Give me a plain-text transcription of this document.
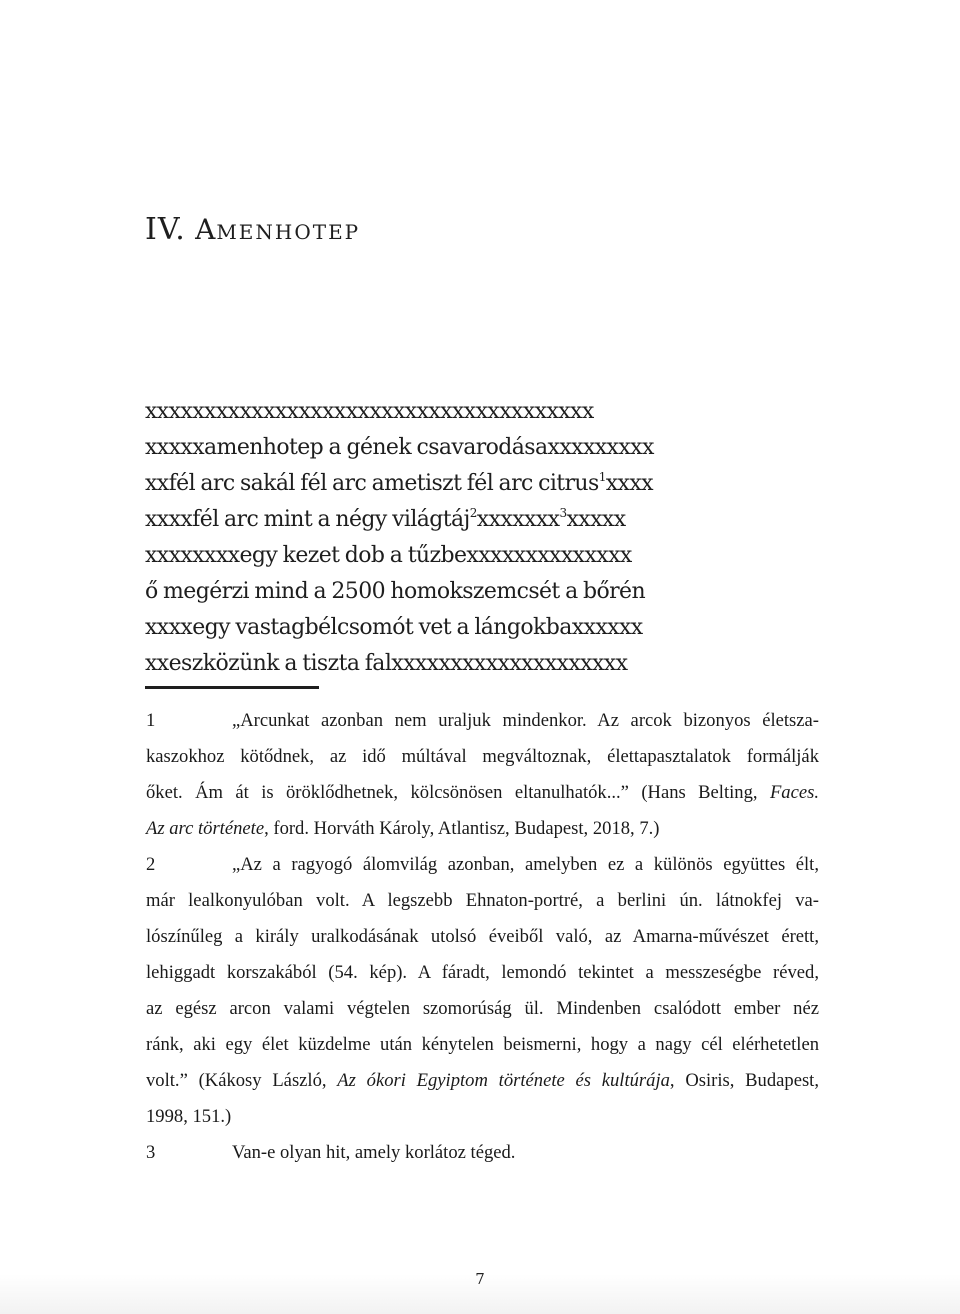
IV. AMENHOTEP
xxxxxxxxxxxxxxxxxxxxxxxxxxxxxxxxxxxxxx
xxxxxamenhotep a gének csavarodásaxxxxxxxxx
xxfél arc sakál fél arc ametiszt fél arc citrus$^1$xxxx
xxxxfél arc mint a négy világtáj$^2$xxxxxxx$^3$xxxxx
xxxxxxxxegy kezet dob a tűzbexxxxxxxxxxxxxx
ő megérzi mind a 2500 homokszemcsét a bőrén
xxxxegy vastagbélcsomót vet a lángokbaxxxxxx
xxeszközünk a tiszta falxxxxxxxxxxxxxxxxxxxx
1	„Arcunkat azonban nem uraljuk mindenkor. Az arcok bizonyos életsza-
kaszokhoz kötődnek, az idő múltával megváltoznak, élettapasztalatok formálják
őket. Ám át is öröklődhetnek, kölcsönösen eltanulhatók...” (Hans Belting, Faces.
Az arc története, ford. Horváth Károly, Atlantisz, Budapest, 2018, 7.)
2	„Az a ragyogó álomvilág azonban, amelyben ez a különös együttes élt,
már lealkonyulóban volt. A legszebb Ehnaton-portré, a berlini ún. látnokfej va-
lószínűleg a király uralkodásának utolsó éveiből való, az Amarna-művészet érett,
lehiggadt korszakából (54. kép). A fáradt, lemondó tekintet a messzeségbe réved,
az egész arcon valami végtelen szomorúság ül. Mindenben csalódott ember néz
ránk, aki egy élet küzdelme után kénytelen beismerni, hogy a nagy cél elérhetetlen
volt.” (Kákosy László, Az ókori Egyiptom története és kultúrája, Osiris, Budapest,
1998, 151.)
3	Van-e olyan hit, amely korlátoz téged.
7
